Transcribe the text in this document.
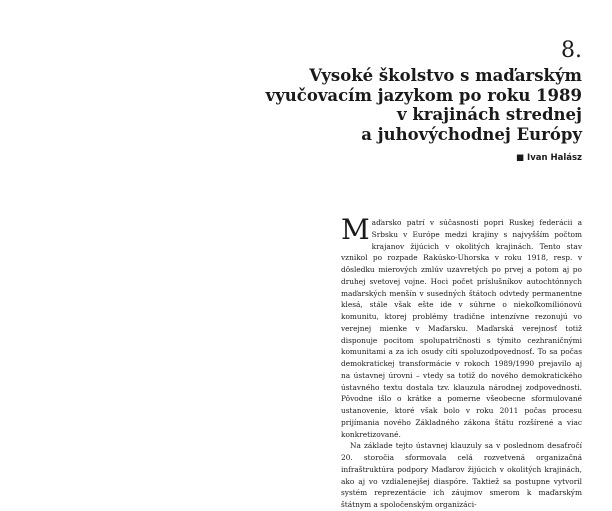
8.
Vysoké školstvo s maďarským
vyučovacím jazykom po roku 1989
v krajinách strednej
a juhovýchodnej Európy
■ Ivan Halász

Maďarsko patrí v súčasnosti popri Ruskej federácii a Srbsku v Európe medzi krajiny s najvyšším počtom krajanov žijúcich v okolitých krajinách. Tento stav vznikol po rozpade Rakúsko-Uhorska v roku 1918, resp. v dôsledku mierových zmlúv uzavretých po prvej a potom aj po druhej svetovej vojne. Hoci počet príslušníkov autochtónnych maďarských menšín v susedných štátoch odvtedy permanentne klesá, stále však ešte ide v súhrne o niekoľkomiliónovú komunitu, ktorej problémy tradične intenzívne rezonujú vo verejnej mienke v Maďarsku. Maďarská verejnosť totiž disponuje pocitom spolupatričnosti s týmito cezhraničnými komunitami a za ich osudy cíti spoluzodpovednosť. To sa počas demokratickej transformácie v rokoch 1989/1990 prejavilo aj na ústavnej úrovni – vtedy sa totiž do nového demokratického ústavného textu dostala tzv. klauzula národnej zodpovednosti. Pôvodne išlo o krátke a pomerne všeobecne sformulované ustanovenie, ktoré však bolo v roku 2011 počas procesu prijímania nového Základného zákona štátu rozšírené a viac konkretizované.

Na základe tejto ústavnej klauzuly sa v poslednom desaťročí 20. storočia sformovala celá rozvetvená organizačná infraštruktúra podpory Maďarov žijúcich v okolitých krajinách, ako aj vo vzdialenejšej diaspóre. Taktiež sa postupne vytvoril systém reprezentácie ich záujmov smerom k maďarským štátnym a spoločenským organizáci-
